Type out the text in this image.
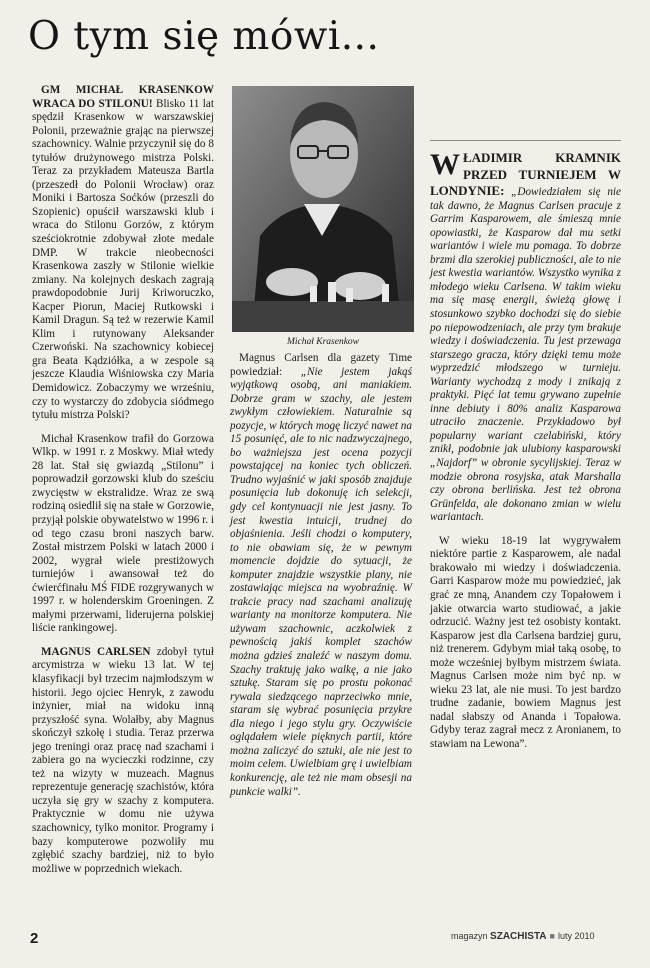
O tym się mówi...

GM MICHAŁ KRASENKOW WRACA DO STILONU! Blisko 11 lat spędził Krasenkow w warszawskiej Polonii, przeważnie grając na pierwszej szachownicy. Walnie przyczynił się do 8 tytułów drużynowego mistrza Polski. Teraz za przykładem Mateusza Bartla (przeszedł do Polonii Wrocław) oraz Moniki i Bartosza Soćków (przeszli do Szopienic) opuścił warszawski klub i wraca do Stilonu Gorzów, z którym sześciokrotnie zdobywał złote medale DMP. W trakcie nieobecności Krasenkowa zaszły w Stilonie wielkie zmiany. Na kolejnych deskach zagrają prawdopodobnie Jurij Kriworuczko, Kacper Piorun, Maciej Rutkowski i Kamil Dragun. Są też w rezerwie Kamil Klim i rutynowany Aleksander Czerwoński. Na szachownicy kobiecej gra Beata Kądziółka, a w zespole są jeszcze Klaudia Wiśniowska czy Maria Demidowicz. Zobaczymy we wrześniu, czy to wystarczy do zdobycia siódmego tytułu mistrza Polski?

Michał Krasenkow trafił do Gorzowa Wlkp. w 1991 r. z Moskwy. Miał wtedy 28 lat. Stał się gwiazdą „Stilonu” i poprowadził gorzowski klub do sześciu zwycięstw w ekstralidze. Wraz ze swą rodziną osiedlił się na stałe w Gorzowie, przyjął polskie obywatelstwo w 1996 r. i od tego czasu broni naszych barw. Został mistrzem Polski w latach 2000 i 2002, wygrał wiele prestiżowych turniejów i awansował też do ćwierćfinału MŚ FIDE rozgrywanych w 1997 r. w holenderskim Groeningen. Z małymi przerwami, liderujerna polskiej liście rankingowej.

MAGNUS CARLSEN zdobył tytuł arcymistrza w wieku 13 lat. W tej klasyfikacji był trzecim najmłodszym w historii. Jego ojciec Henryk, z zawodu inżynier, miał na widoku inną przyszłość syna. Wolałby, aby Magnus skończył szkołę i studia. Teraz przerwa jego treningi oraz pracę nad szachami i zabiera go na wycieczki rodzinne, czy też na wizyty w muzeach. Magnus reprezentuje generację szachistów, która uczyła się gry w szachy z komputera. Praktycznie w domu nie używa szachownicy, tylko monitor. Programy i bazy komputerowe pozwoliły mu zgłębić szachy bardziej, niż to było możliwe w poprzednich wiekach.

Michał Krasenkow

Magnus Carlsen dla gazety Time powiedział: „Nie jestem jakąś wyjątkową osobą, ani maniakiem. Dobrze gram w szachy, ale jestem zwykłym człowiekiem. Naturalnie są pozycje, w których mogę liczyć nawet na 15 posunięć, ale to nic nadzwyczajnego, bo ważniejsza jest ocena pozycji powstającej na koniec tych obliczeń. Trudno wyjaśnić w jaki sposób znajduje posunięcia lub dokonuję ich selekcji, gdy cel kontynuacji nie jest jasny. To jest kwestia intuicji, trudnej do objaśnienia. Jeśli chodzi o komputery, to nie obawiam się, że w pewnym momencie dojdzie do sytuacji, że komputer znajdzie wszystkie plany, nie zostawiając miejsca na wyobraźnię. W trakcie pracy nad szachami analizuję warianty na monitorze komputera. Nie używam szachownic, aczkolwiek z pewnością jakiś komplet szachów można gdzieś znaleźć w naszym domu. Szachy traktuję jako walkę, a nie jako sztukę. Staram się po prostu pokonać rywala siedzącego naprzeciwko mnie, staram się wybrać posunięcia przykre dla niego i jego stylu gry. Oczywiście oglądałem wiele pięknych partii, które można zaliczyć do sztuki, ale nie jest to moim celem. Uwielbiam grę i uwielbiam konkurencję, ale też nie mam obsesji na punkcie walki”.

WŁADIMIR KRAMNIK PRZED TURNIEJEM W LONDYNIE: „Dowiedziałem się nie tak dawno, że Magnus Carlsen pracuje z Garrim Kasparowem, ale śmieszą mnie opowiastki, że Kasparow dał mu setki wariantów i wiele mu pomaga. To dobrze brzmi dla szerokiej publiczności, ale to nie jest kwestia wariantów. Wszystko wynika z młodego wieku Carlsena. W takim wieku ma się masę energii, świeżą głowę i stosunkowo szybko dochodzi się do siebie po niepowodzeniach, ale przy tym brakuje wiedzy i doświadczenia. Tu jest przewaga starszego gracza, który dzięki temu może wyprzedzić młodszego w turnieju. Warianty wychodzą z mody i znikają z praktyki. Pięć lat temu grywano zupełnie inne debiuty i 80% analiz Kasparowa utraciło znaczenie. Przykładowo był popularny wariant czelabiński, który znikł, podobnie jak ulubiony kasparowski „Najdorf” w obronie sycylijskiej. Teraz w modzie obrona rosyjska, atak Marshalla czy obrona berlińska. Jest też obrona Grünfelda, ale dokonano zmian w wielu wariantach.

W wieku 18-19 lat wygrywałem niektóre partie z Kasparowem, ale nadal brakowało mi wiedzy i doświadczenia. Garri Kasparow może mu powiedzieć, jak grać ze mną, Anandem czy Topałowem i jakie otwarcia warto studiować, a jakie odrzucić. Ważny jest też osobisty kontakt. Kasparow jest dla Carlsena bardziej guru, niż trenerem. Gdybym miał taką osobę, to może wcześniej byłbym mistrzem świata. Magnus Carlsen może nim być np. w wieku 23 lat, ale nie musi. To jest bardzo trudne zadanie, bowiem Magnus jest nadal słabszy od Ananda i Topałowa. Gdyby teraz zagrał mecz z Aronianem, to stawiam na Lewona”.

2	magazyn SZACHISTA ■ luty 2010
